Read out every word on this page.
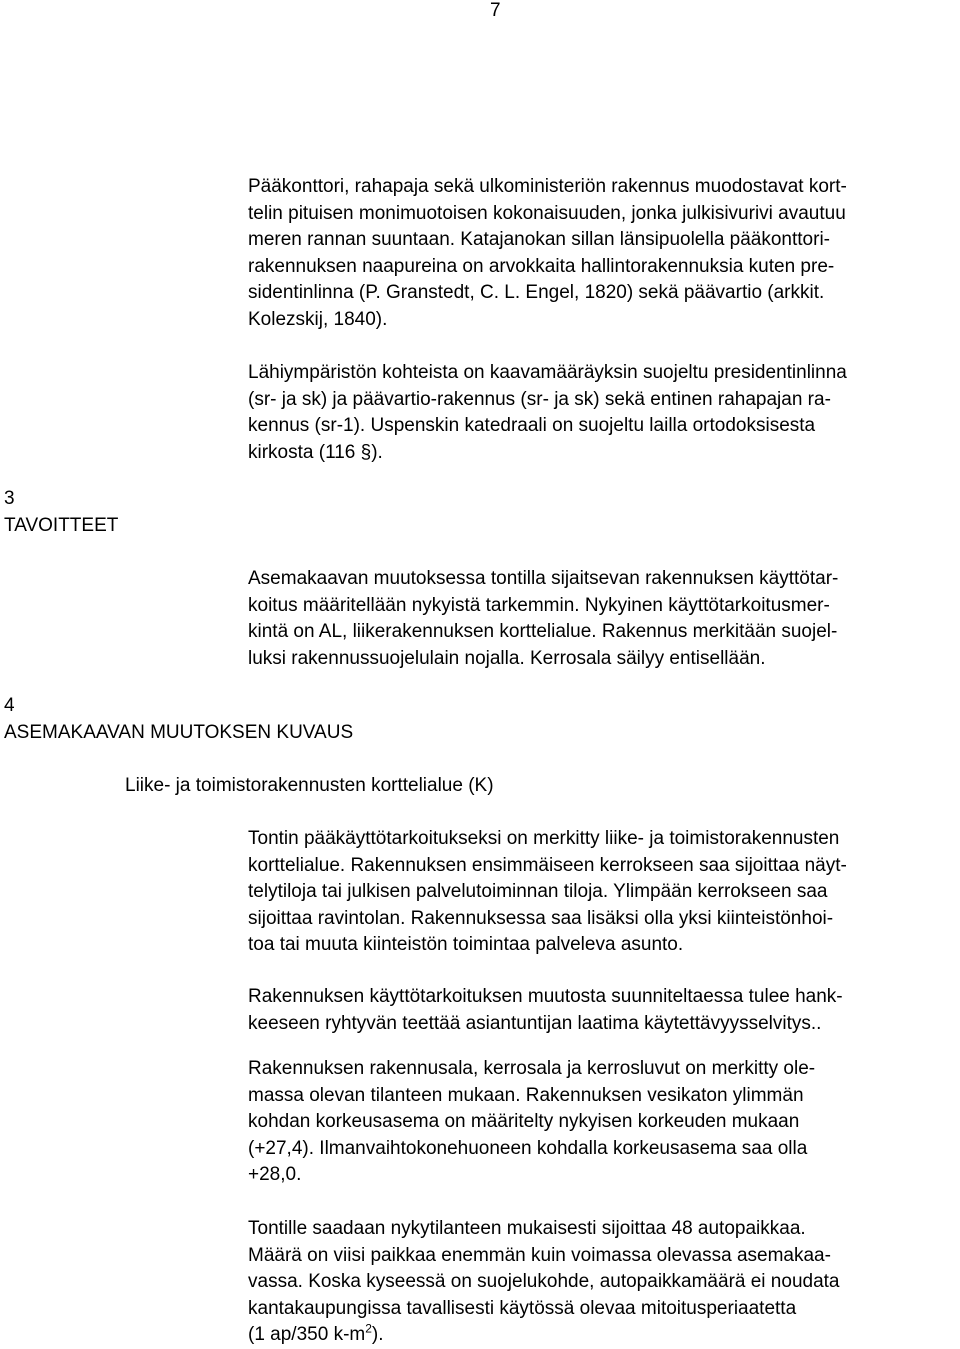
7
Pääkonttori, rahapaja sekä ulkoministeriön rakennus muodostavat kort-
telin pituisen monimuotoisen kokonaisuuden, jonka julkisivurivi avautuu
meren rannan suuntaan. Katajanokan sillan länsipuolella pääkonttori-
rakennuksen naapureina on arvokkaita hallintorakennuksia kuten pre-
sidentinlinna (P. Granstedt, C. L. Engel, 1820) sekä päävartio (arkkit.
Kolezskij, 1840).
Lähiympäristön kohteista on kaavamääräyksin suojeltu presidentinlinna
(sr- ja sk) ja päävartio-rakennus (sr- ja sk) sekä entinen rahapajan ra-
kennus (sr-1). Uspenskin katedraali on suojeltu lailla ortodoksisesta
kirkosta (116 §).
3
TAVOITTEET
Asemakaavan muutoksessa tontilla sijaitsevan rakennuksen käyttötar-
koitus määritellään nykyistä tarkemmin. Nykyinen käyttötarkoitusmer-
kintä on AL, liikerakennuksen korttelialue. Rakennus merkitään suojel-
luksi rakennussuojelulain nojalla. Kerrosala säilyy entisellään.
4
ASEMAKAAVAN MUUTOKSEN KUVAUS
Liike- ja toimistorakennusten korttelialue (K)
Tontin pääkäyttötarkoitukseksi on merkitty liike- ja toimistorakennusten
korttelialue. Rakennuksen ensimmäiseen kerrokseen saa sijoittaa näyt-
telytiloja tai julkisen palvelutoiminnan tiloja. Ylimpään kerrokseen saa
sijoittaa ravintolan. Rakennuksessa saa lisäksi olla yksi kiinteistönhoi-
toa tai muuta kiinteistön toimintaa palveleva asunto.
Rakennuksen käyttötarkoituksen muutosta suunniteltaessa tulee hank-
keeseen ryhtyvän teettää asiantuntijan laatima käytettävyysselvitys..
Rakennuksen rakennusala, kerrosala ja kerrosluvut on merkitty ole-
massa olevan tilanteen mukaan. Rakennuksen vesikaton ylimmän
kohdan korkeusasema on määritelty nykyisen korkeuden mukaan
(+27,4). Ilmanvaihtokonehuoneen kohdalla korkeusasema saa olla
+28,0.
Tontille saadaan nykytilanteen mukaisesti sijoittaa 48 autopaikkaa.
Määrä on viisi paikkaa enemmän kuin voimassa olevassa asemakaa-
vassa. Koska kyseessä on suojelukohde, autopaikkamäärä ei noudata
kantakaupungissa tavallisesti käytössä olevaa mitoitusperiaatetta
(1 ap/350 $k-m^2$).
